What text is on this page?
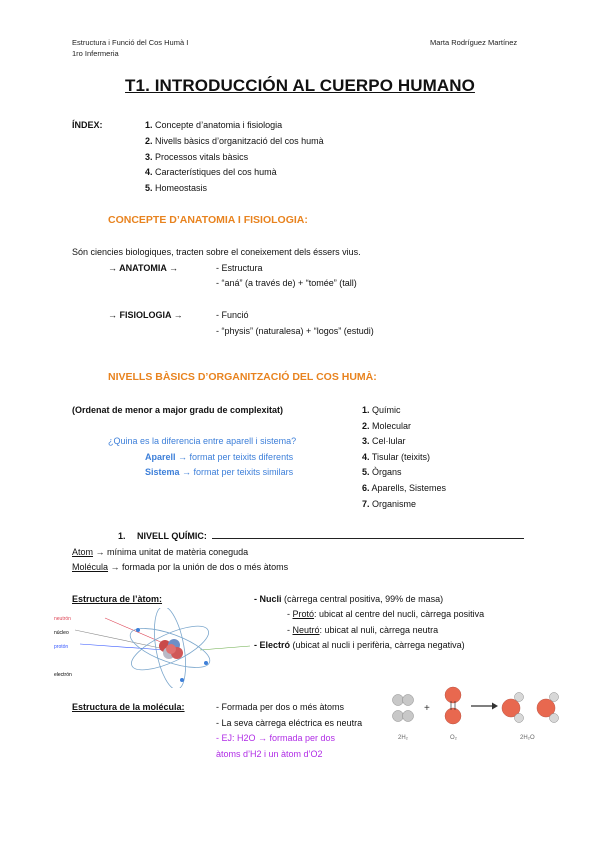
Estructura i Funció del Cos Humà I
1ro Infermeria
Marta Rodríguez Martínez
T1. INTRODUCCIÓN AL CUERPO HUMANO
ÍNDEX:	1. Concepte d’anatomia i fisiologia
2. Nivells bàsics d’organització del cos humà
3. Processos vitals bàsics
4. Característiques del cos humà
5. Homeostasis
CONCEPTE D’ANATOMIA I FISIOLOGIA:
Són ciencies biologiques, tracten sobre el coneixement dels éssers vius.
→ ANATOMIA →	- Estructura
- “aná” (a través de) + “tomée” (tall)
→ FISIOLOGIA →	- Funció
- “physis” (naturalesa) + “logos” (estudi)
NIVELLS BÀSICS D’ORGANITZACIÓ DEL COS HUMÀ:
(Ordenat de menor a major gradu de complexitat)
¿Quina es la diferencia entre aparell i sistema?
Aparell → format per teixits diferents
Sistema → format per teixits similars
1. Químic
2. Molecular
3. Cel·lular
4. Tisular (teixits)
5. Òrgans
6. Aparells, Sistemes
7. Organisme
1. NIVELL QUÍMIC:
Atom → mínima unitat de matèria coneguda
Molécula → formada por la unión de dos o més àtoms
Estructura de l’àtom:	- Nucli (càrrega central positiva, 99% de masa)
- Protó: ubicat al centre del nucli, càrrega positiva
- Neutró: ubicat al nuli, càrrega neutra
- Electró (ubicat al nucli i perifèria, càrrega negativa)
neutrón
núcleo
protón
electrón
Estructura de la molécula:	- Formada per dos o més àtoms
- La seva càrrega eléctrica es neutra
- EJ: H2O → formada per dos
àtoms d’H2 i un àtom d’O2
+
2H₂	O₂	2H₂O
